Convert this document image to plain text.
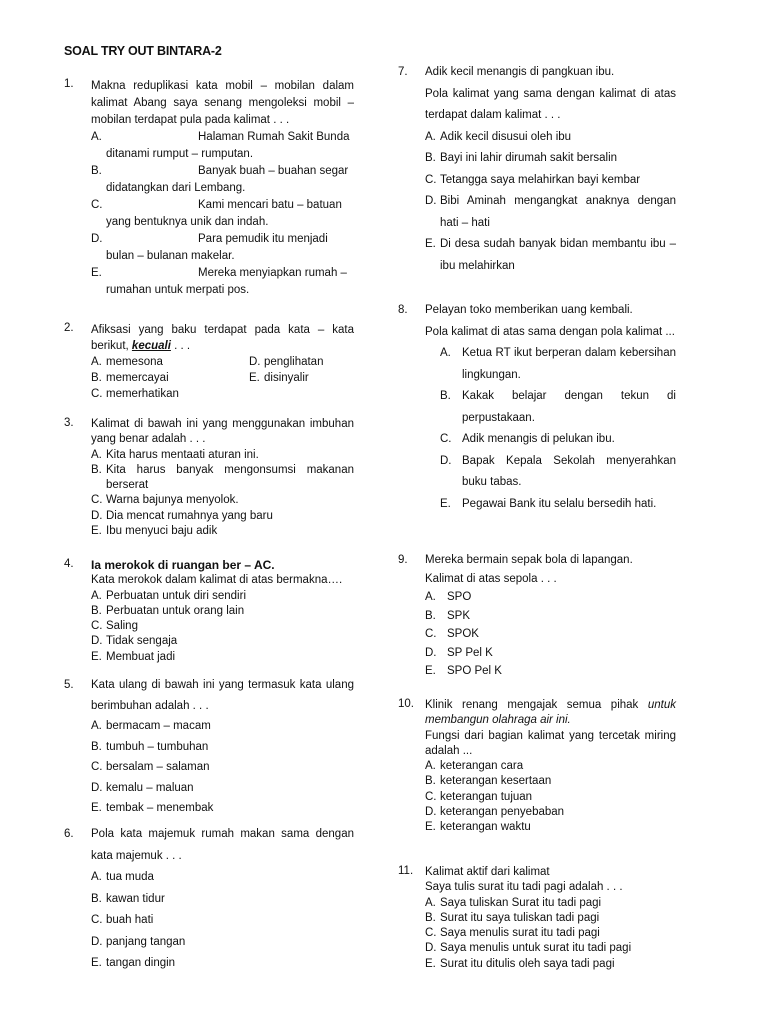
SOAL TRY OUT BINTARA-2
1. Makna reduplikasi kata mobil – mobilan dalam kalimat Abang saya senang mengoleksi mobil – mobilan terdapat pula pada kalimat . . .
A.	Halaman Rumah Sakit Bunda
ditanami rumput – rumputan.
B.	Banyak buah – buahan segar
didatangkan dari Lembang.
C.	Kami mencari batu – batuan
yang bentuknya unik dan indah.
D.	Para pemudik itu menjadi
bulan – bulanan makelar.
E.	Mereka menyiapkan rumah –
rumahan untuk merpati pos.
2. Afiksasi yang baku terdapat pada kata – kata berikut, kecuali . . .
A. memesona	D. penglihatan
B. memercayai	E. disinyalir
C. memerhatikan
3. Kalimat di bawah ini yang menggunakan imbuhan yang benar adalah . . .
A. Kita harus mentaati aturan ini.
B. Kita harus banyak mengonsumsi makanan berserat
C. Warna bajunya menyolok.
D. Dia mencat rumahnya yang baru
E. Ibu menyuci baju adik
4. Ia merokok di ruangan ber – AC.
Kata merokok dalam kalimat di atas bermakna….
A. Perbuatan untuk diri sendiri
B. Perbuatan untuk orang lain
C. Saling
D. Tidak sengaja
E. Membuat jadi
5. Kata ulang di bawah ini yang termasuk kata ulang berimbuhan adalah . . .
A. bermacam – macam
B. tumbuh – tumbuhan
C. bersalam – salaman
D. kemalu – maluan
E. tembak – menembak
6. Pola kata majemuk rumah makan sama dengan kata majemuk . . .
A. tua muda
B. kawan tidur
C. buah hati
D. panjang tangan
E. tangan dingin
7. Adik kecil menangis di pangkuan ibu.
Pola kalimat yang sama dengan kalimat di atas terdapat dalam kalimat . . .
A. Adik kecil disusui oleh ibu
B. Bayi ini lahir dirumah sakit bersalin
C. Tetangga saya melahirkan bayi kembar
D. Bibi Aminah mengangkat anaknya dengan hati – hati
E. Di desa sudah banyak bidan membantu ibu – ibu melahirkan
8. Pelayan toko memberikan uang kembali.
Pola kalimat di atas sama dengan pola kalimat ...
A. Ketua RT ikut berperan dalam kebersihan lingkungan.
B. Kakak belajar dengan tekun di perpustakaan.
C. Adik menangis di pelukan ibu.
D. Bapak Kepala Sekolah menyerahkan buku tabas.
E. Pegawai Bank itu selalu bersedih hati.
9. Mereka bermain sepak bola di lapangan.
Kalimat di atas sepola . . .
A. SPO
B. SPK
C. SPOK
D. SP Pel K
E. SPO Pel K
10. Klinik renang mengajak semua pihak untuk membangun olahraga air ini.
Fungsi dari bagian kalimat yang tercetak miring adalah ...
A. keterangan cara
B. keterangan kesertaan
C. keterangan tujuan
D. keterangan penyebaban
E. keterangan waktu
11. Kalimat aktif dari kalimat
Saya tulis surat itu tadi pagi adalah . . .
A. Saya tuliskan Surat itu tadi pagi
B. Surat itu saya tuliskan tadi pagi
C. Saya menulis surat itu tadi pagi
D. Saya menulis untuk surat itu tadi pagi
E. Surat itu ditulis oleh saya tadi pagi
